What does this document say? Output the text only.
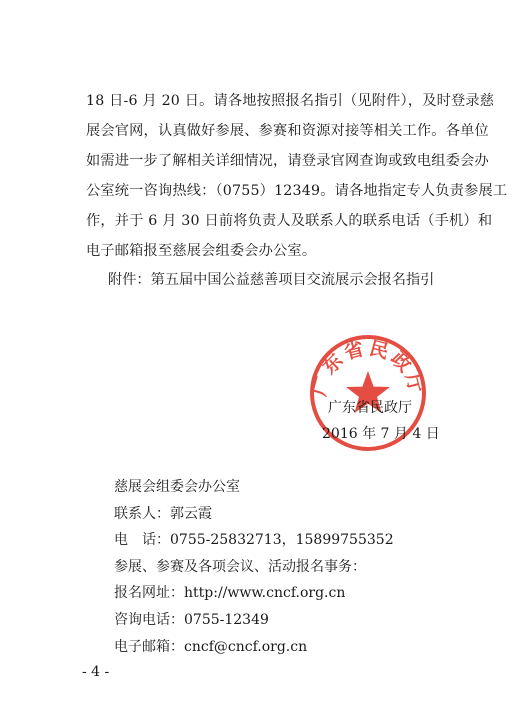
18 日-6 月 20 日。请各地按照报名指引（见附件），及时登录慈
展会官网，认真做好参展、参赛和资源对接等相关工作。各单位
如需进一步了解相关详细情况，请登录官网查询或致电组委会办
公室统一咨询热线：（0755）12349。请各地指定专人负责参展工
作，并于 6 月 30 日前将负责人及联系人的联系电话（手机）和
电子邮箱报至慈展会组委会办公室。
附件：第五届中国公益慈善项目交流展示会报名指引
广东省民政厅
广东省民政厅
2016 年 7 月 4 日
慈展会组委会办公室
联系人：郭云霞
电　话：0755-25832713，15899755352
参展、参赛及各项会议、活动报名事务：
报名网址：http://www.cncf.org.cn
咨询电话：0755-12349
电子邮箱：cncf@cncf.org.cn
- 4 -
